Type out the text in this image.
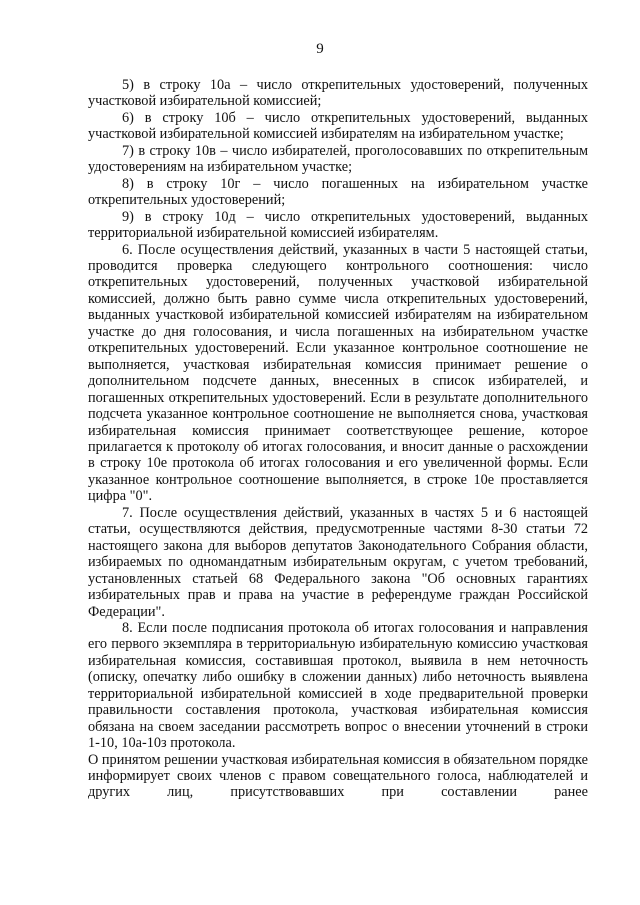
9

5) в строку 10а – число открепительных удостоверений, полученных участковой избирательной комиссией;

6) в строку 10б – число открепительных удостоверений, выданных участковой избирательной комиссией избирателям на избирательном участке;

7) в строку 10в – число избирателей, проголосовавших по открепительным удостоверениям на избирательном участке;

8) в строку 10г – число погашенных на избирательном участке открепительных удостоверений;

9) в строку 10д – число открепительных удостоверений, выданных территориальной избирательной комиссией избирателям.

6. После осуществления действий, указанных в части 5 настоящей статьи, проводится проверка следующего контрольного соотношения: число открепительных удостоверений, полученных участковой избирательной комиссией, должно быть равно сумме числа открепительных удостоверений, выданных участковой избирательной комиссией избирателям на избирательном участке до дня голосования, и числа погашенных на избирательном участке открепительных удостоверений. Если указанное контрольное соотношение не выполняется, участковая избирательная комиссия принимает решение о дополнительном подсчете данных, внесенных в список избирателей, и погашенных открепительных удостоверений. Если в результате дополнительного подсчета указанное контрольное соотношение не выполняется снова, участковая избирательная комиссия принимает соответствующее решение, которое прилагается к протоколу об итогах голосования, и вносит данные о расхождении в строку 10е протокола об итогах голосования и его увеличенной формы. Если указанное контрольное соотношение выполняется, в строке 10е проставляется цифра "0".

7. После осуществления действий, указанных в частях 5 и 6 настоящей статьи, осуществляются действия, предусмотренные частями 8-30 статьи 72 настоящего закона для выборов депутатов Законодательного Собрания области, избираемых по одномандатным избирательным округам, с учетом требований, установленных статьей 68 Федерального закона "Об основных гарантиях избирательных прав и права на участие в референдуме граждан Российской Федерации".

8. Если после подписания протокола об итогах голосования и направления его первого экземпляра в территориальную избирательную комиссию участковая избирательная комиссия, составившая протокол, выявила в нем неточность (описку, опечатку либо ошибку в сложении данных) либо неточность выявлена территориальной избирательной комиссией в ходе предварительной проверки правильности составления протокола, участковая избирательная комиссия обязана на своем заседании рассмотреть вопрос о внесении уточнений в строки 1-10, 10а-10з протокола.

О принятом решении участковая избирательная комиссия в обязательном порядке информирует своих членов с правом совещательного голоса, наблюдателей и других лиц, присутствовавших при составлении ранее
